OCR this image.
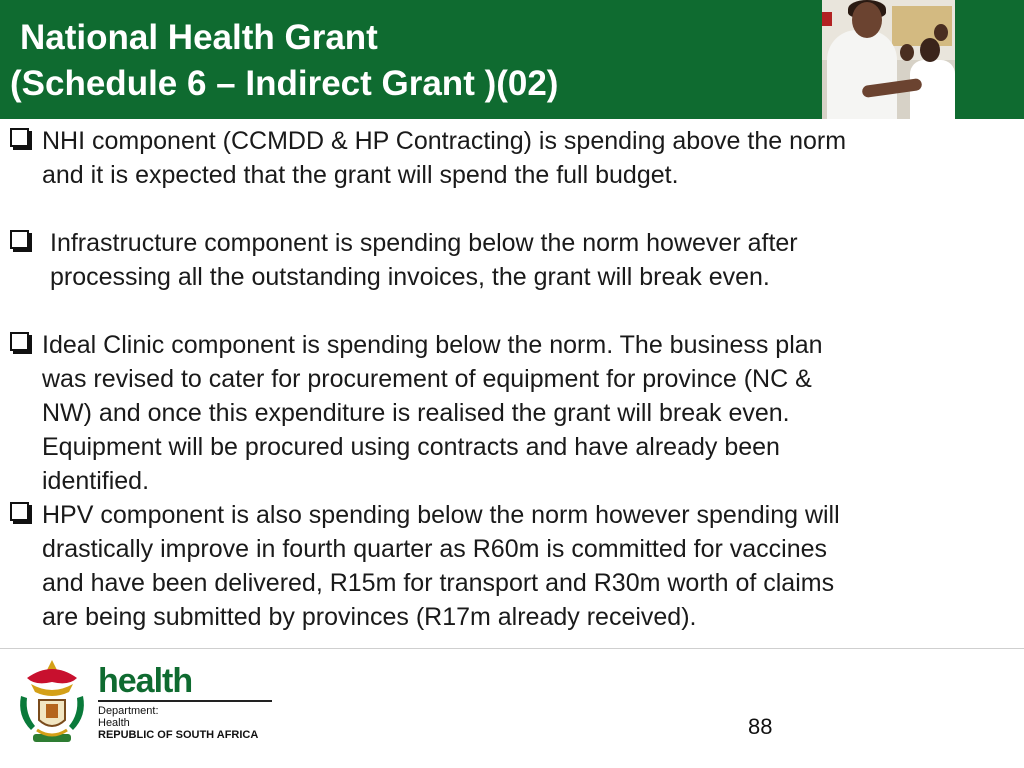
National Health Grant
(Schedule 6 – Indirect Grant )(02)
NHI component (CCMDD & HP Contracting) is spending above the norm
and it is expected that the grant will spend the full budget.
Infrastructure component is spending below the norm however after
processing all the outstanding invoices, the grant will break even.
Ideal Clinic component is spending below the norm. The business plan
was revised to cater for procurement of equipment for province (NC &
NW) and once this expenditure is realised the grant will break even.
Equipment will be procured using contracts and have already been
identified.
HPV component is also spending below the norm however spending will
drastically improve in fourth quarter as R60m is committed for vaccines
and have been delivered, R15m for transport and R30m worth of claims
are being submitted by provinces (R17m already received).
health
Department:
Health
REPUBLIC OF SOUTH AFRICA	88
